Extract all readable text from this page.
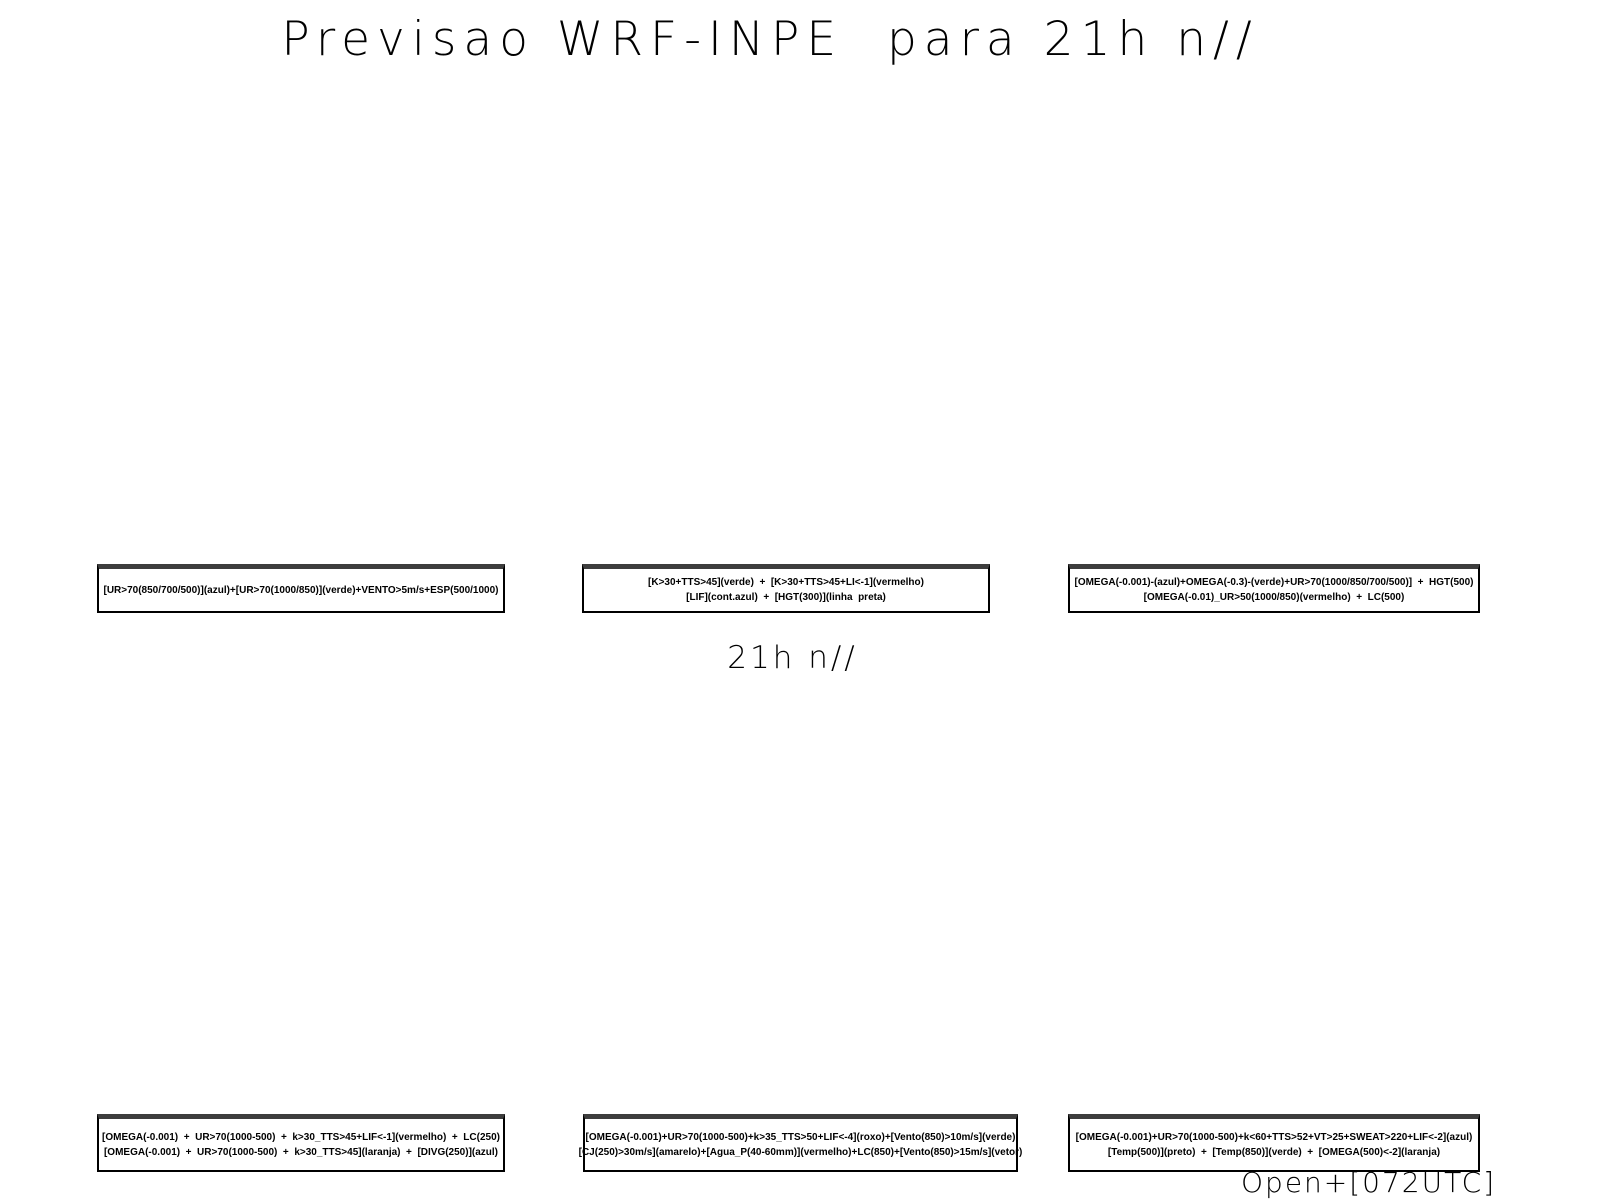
Previsao WRF-INPE  para 21h n//
[UR>70(850/700/500)](azul)+[UR>70(1000/850)](verde)+VENTO>5m/s+ESP(500/1000)
[K>30+TTS>45](verde)  +  [K>30+TTS>45+LI<-1](vermelho)
[LIF](cont.azul)  +  [HGT(300)](linha  preta)
[OMEGA(-0.001)-(azul)+OMEGA(-0.3)-(verde)+UR>70(1000/850/700/500)]  +  HGT(500)
[OMEGA(-0.01)_UR>50(1000/850)(vermelho)  +  LC(500)
21h n//
[OMEGA(-0.001)  +  UR>70(1000-500)  +  k>30_TTS>45+LIF<-1](vermelho)  +  LC(250)
[OMEGA(-0.001)  +  UR>70(1000-500)  +  k>30_TTS>45](laranja)  +  [DIVG(250)](azul)
[OMEGA(-0.001)+UR>70(1000-500)+k>35_TTS>50+LIF<-4](roxo)+[Vento(850)>10m/s](verde)
[CJ(250)>30m/s](amarelo)+[Agua_P(40-60mm)](vermelho)+LC(850)+[Vento(850)>15m/s](vetor)
[OMEGA(-0.001)+UR>70(1000-500)+k<60+TTS>52+VT>25+SWEAT>220+LIF<-2](azul)
[Temp(500)](preto)  +  [Temp(850)](verde)  +  [OMEGA(500)<-2](laranja)
Open+[072UTC]
